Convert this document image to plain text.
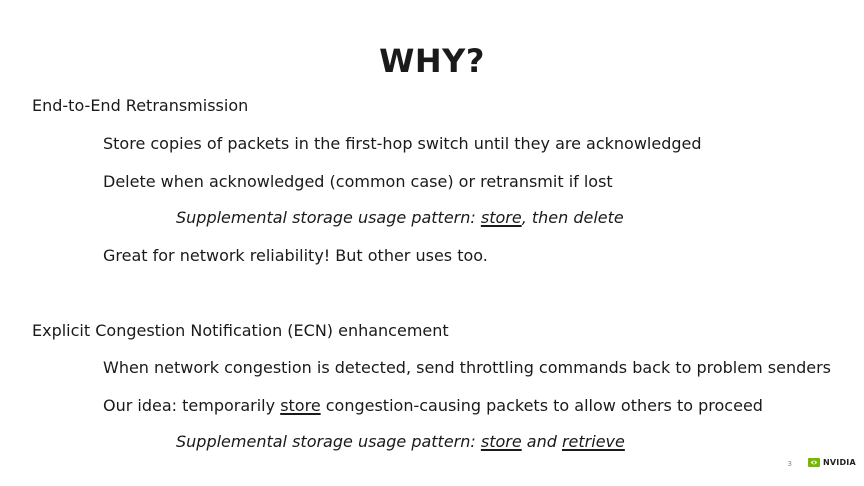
WHY?
End-to-End Retransmission
Store copies of packets in the first-hop switch until they are acknowledged
Delete when acknowledged (common case) or retransmit if lost
Supplemental storage usage pattern: store, then delete
Great for network reliability! But other uses too.
Explicit Congestion Notification (ECN) enhancement
When network congestion is detected, send throttling commands back to problem senders
Our idea: temporarily store congestion-causing packets to allow others to proceed
Supplemental storage usage pattern: store and retrieve
3	NVIDIA
